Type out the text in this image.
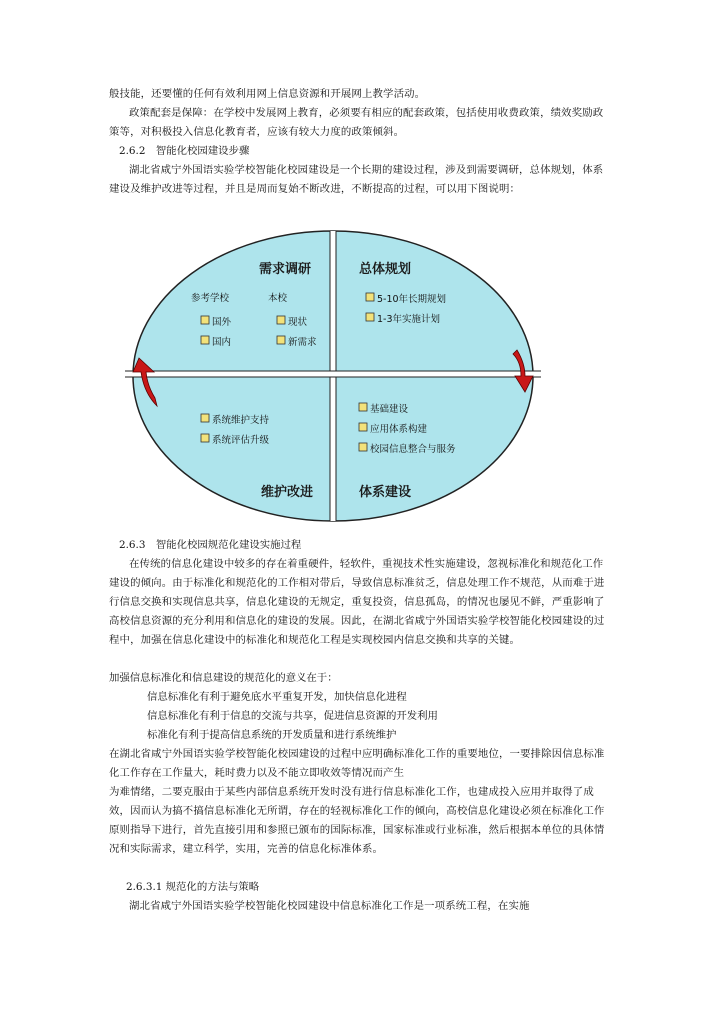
般技能，还要懂的任何有效利用网上信息资源和开展网上教学活动。
政策配套是保障：在学校中发展网上教育，必须要有相应的配套政策，包括使用收费政策，绩效奖励政策等，对积极投入信息化教育者，应该有较大力度的政策倾斜。
2.6.2　智能化校园建设步骤
湖北省咸宁外国语实验学校智能化校园建设是一个长期的建设过程，涉及到需要调研，总体规划，体系建设及维护改进等过程，并且是周而复始不断改进，不断提高的过程，可以用下图说明：
需求调研
参考学校	本校
国外
国内
现状
新需求
总体规划
5-10年长期规划
1-3年实施计划
系统维护支持
系统评估升级
维护改进
基础建设
应用体系构建
校园信息整合与服务
体系建设
2.6.3　智能化校园规范化建设实施过程
在传统的信息化建设中较多的存在着重硬件，轻软件，重视技术性实施建设，忽视标准化和规范化工作建设的倾向。由于标准化和规范化的工作相对带后，导致信息标准贫乏，信息处理工作不规范，从而难于进行信息交换和实现信息共享，信息化建设的无规定，重复投资，信息孤岛，的情况也屡见不鲜，严重影响了高校信息资源的充分利用和信息化的建设的发展。因此，在湖北省咸宁外国语实验学校智能化校园建设的过程中，加强在信息化建设中的标准化和规范化工程是实现校园内信息交换和共享的关键。
加强信息标准化和信息建设的规范化的意义在于：
信息标准化有利于避免底水平重复开发，加快信息化进程
信息标准化有利于信息的交流与共享，促进信息资源的开发利用
标准化有利于提高信息系统的开发质量和进行系统维护
在湖北省咸宁外国语实验学校智能化校园建设的过程中应明确标准化工作的重要地位，一要排除因信息标准化工作存在工作量大，耗时费力以及不能立即收效等情况而产生
为难情绪，二要克服由于某些内部信息系统开发时没有进行信息标准化工作，也建成投入应用并取得了成效，因而认为搞不搞信息标准化无所谓，存在的轻视标准化工作的倾向，高校信息化建设必须在标准化工作原则指导下进行，首先直接引用和参照已颁布的国际标准，国家标准或行业标准，然后根据本单位的具体情况和实际需求，建立科学，实用，完善的信息化标准体系。
2.6.3.1 规范化的方法与策略
湖北省咸宁外国语实验学校智能化校园建设中信息标准化工作是一项系统工程，在实施
